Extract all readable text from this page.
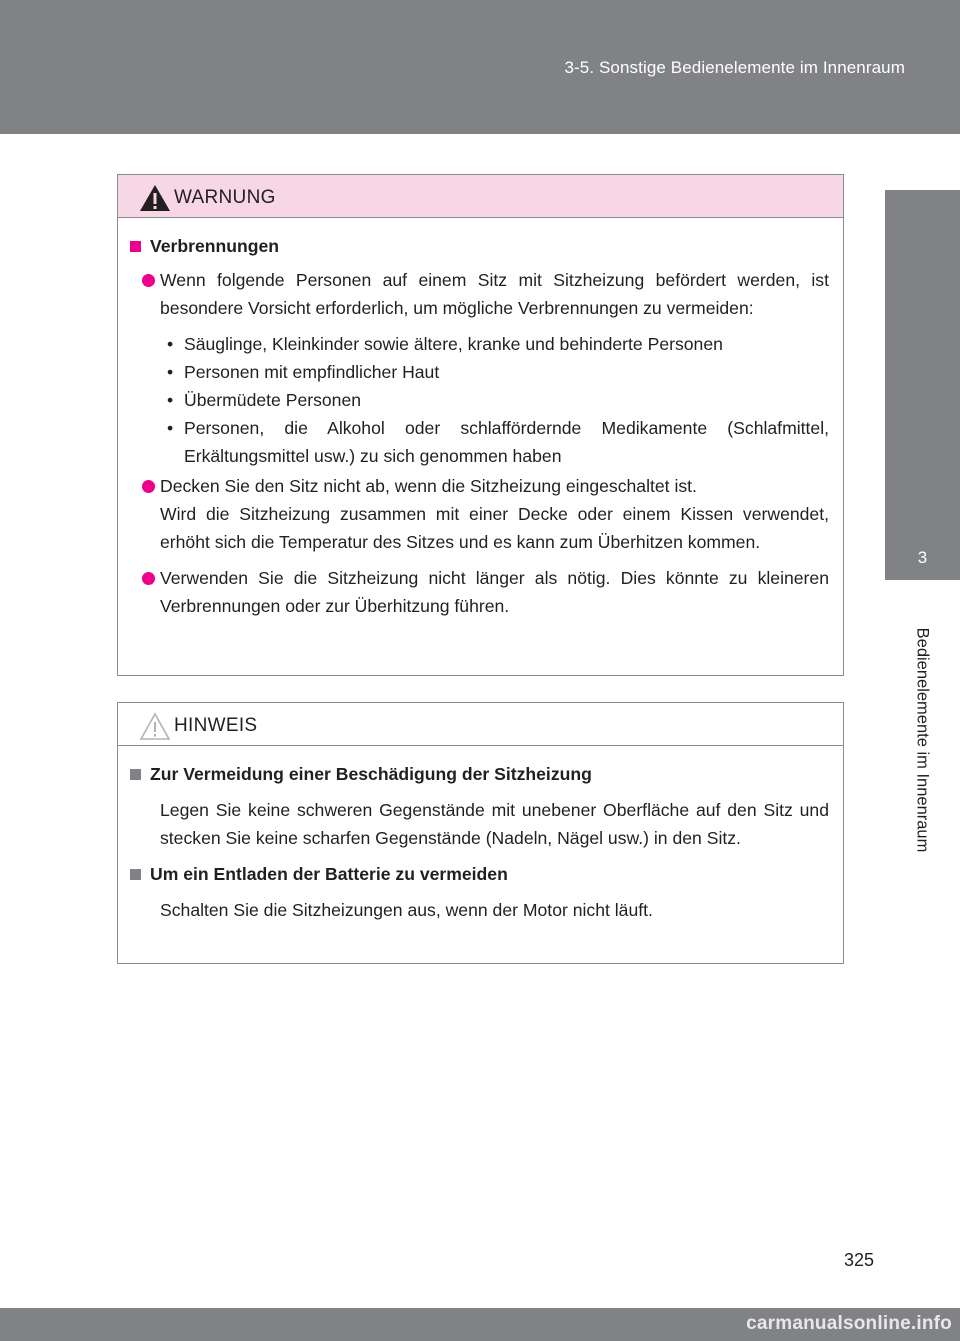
3-5. Sonstige Bedienelemente im Innenraum
3
Bedienelemente im Innenraum
WARNUNG
Verbrennungen
Wenn folgende Personen auf einem Sitz mit Sitzheizung befördert werden, ist besondere Vorsicht erforderlich, um mögliche Verbrennungen zu vermeiden:
• Säuglinge, Kleinkinder sowie ältere, kranke und behinderte Personen
• Personen mit empfindlicher Haut
• Übermüdete Personen
• Personen, die Alkohol oder schlaffördernde Medikamente (Schlafmittel, Erkältungsmittel usw.) zu sich genommen haben
Decken Sie den Sitz nicht ab, wenn die Sitzheizung eingeschaltet ist.
Wird die Sitzheizung zusammen mit einer Decke oder einem Kissen verwendet, erhöht sich die Temperatur des Sitzes und es kann zum Überhitzen kommen.
Verwenden Sie die Sitzheizung nicht länger als nötig. Dies könnte zu kleineren Verbrennungen oder zur Überhitzung führen.
HINWEIS
Zur Vermeidung einer Beschädigung der Sitzheizung
Legen Sie keine schweren Gegenstände mit unebener Oberfläche auf den Sitz und stecken Sie keine scharfen Gegenstände (Nadeln, Nägel usw.) in den Sitz.
Um ein Entladen der Batterie zu vermeiden
Schalten Sie die Sitzheizungen aus, wenn der Motor nicht läuft.
325
carmanualsonline.info
